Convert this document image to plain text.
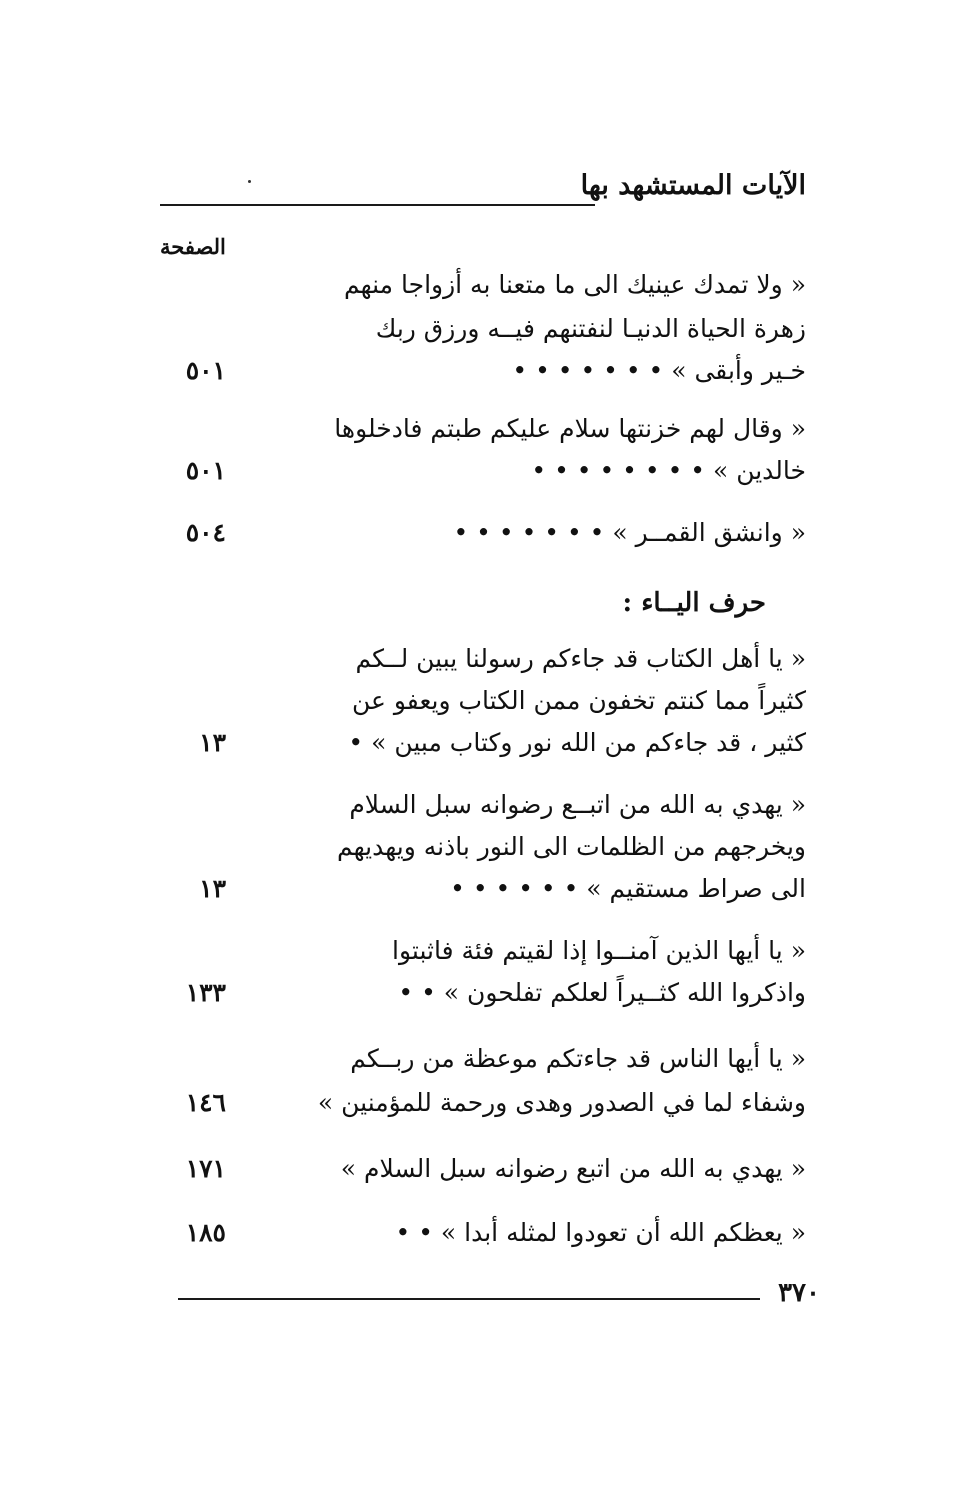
الآيات المستشهد بها
الصفحة
« ولا تمدك عينيك الى ما متعنا به أزواجا منهم
زهرة الحياة الدنيـا لنفتنهم فيــه ورزق ربك
خـير وأبقى » • • • • • • •
٥٠١
« وقال لهم خزنتها سلام عليكم طبتم فادخلوها
خالدين » • • • • • • • •
٥٠١
« وانشق القمــر » • • • • • • •
٥٠٤
حرف اليــاء :
« يا أهل الكتاب قد جاءكم رسولنا يبين لــكم
كثيراً مما كنتم تخفون ممن الكتاب ويعفو عن
كثير ، قد جاءكم من الله نور وكتاب مبين » •
١٣
« يهدي به الله من اتبــع رضوانه سبل السلام
ويخرجهم من الظلمات الى النور باذنه ويهديهم
الى صراط مستقيم » • • • • • •
١٣
« يا أيها الذين آمنــوا إذا لقيتم فئة فاثبتوا
واذكروا الله كثــيراً لعلكم تفلحون » • •
١٣٣
« يا أيها الناس قد جاءتكم موعظة من ربــكم
وشفاء لما في الصدور وهدى ورحمة للمؤمنين »
١٤٦
« يهدي به الله من اتبع رضوانه سبل السلام »
١٧١
« يعظكم الله أن تعودوا لمثله أبدا » • •
١٨٥
٣٧٠
